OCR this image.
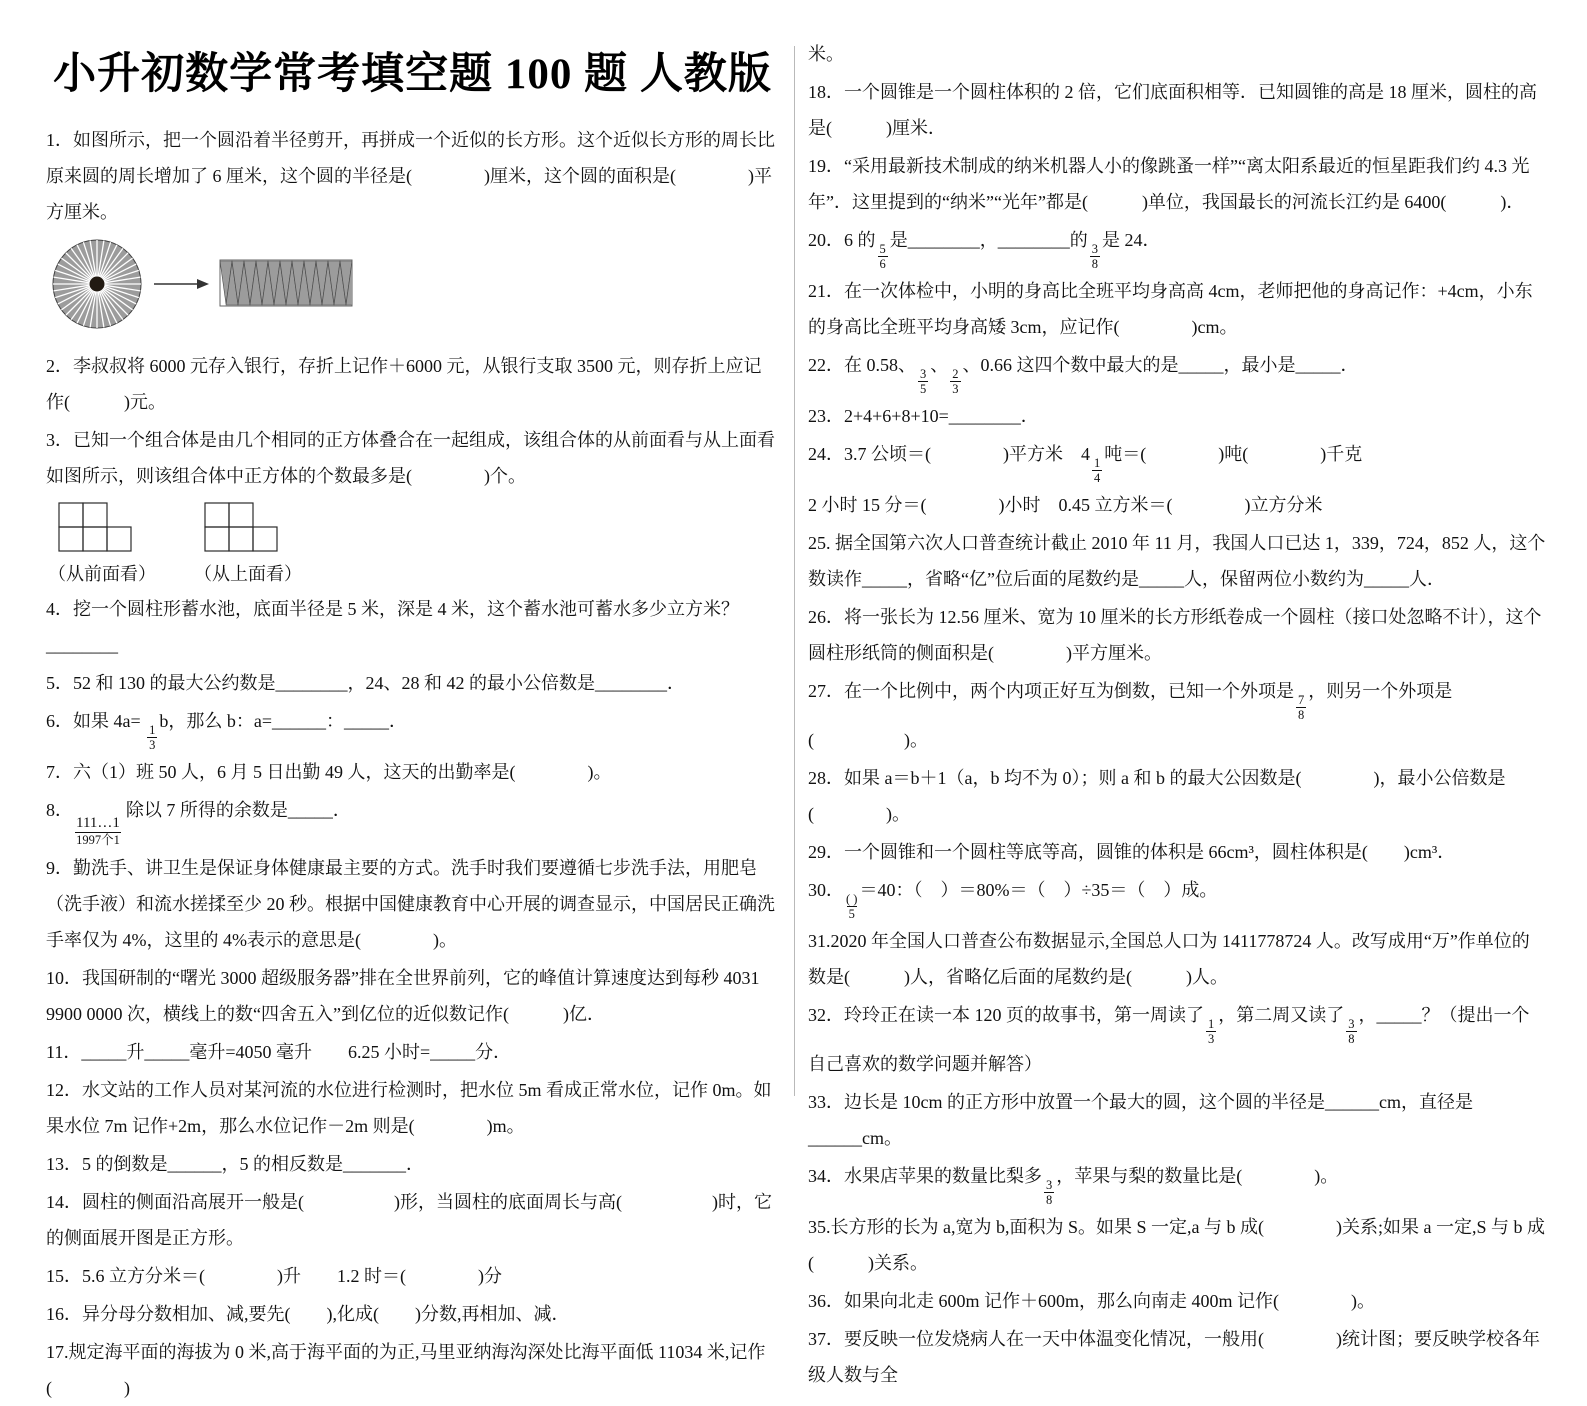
小升初数学常考填空题 100 题 人教版
1．如图所示，把一个圆沿着半径剪开，再拼成一个近似的长方形。这个近似长方形的周长比原来圆的周长增加了 6 厘米，这个圆的半径是(　　　　)厘米，这个圆的面积是(　　　　)平方厘米。
2．李叔叔将 6000 元存入银行，存折上记作＋6000 元，从银行支取 3500 元，则存折上应记作(　　　)元。
3．已知一个组合体是由几个相同的正方体叠合在一起组成，该组合体的从前面看与从上面看如图所示，则该组合体中正方体的个数最多是(　　　　)个。
（从前面看） （从上面看）
4．挖一个圆柱形蓄水池，底面半径是 5 米，深是 4 米，这个蓄水池可蓄水多少立方米？________
5．52 和 130 的最大公约数是________，24、28 和 42 的最小公倍数是________．
6．如果 4a=
$\frac{1}{3}$
b，那么 b：a=______：_____．
7．六（1）班 50 人，6 月 5 日出勤 49 人，这天的出勤率是(　　　　)。
8．
111…1
1997个1
除以 7 所得的余数是_____．
9．勤洗手、讲卫生是保证身体健康最主要的方式。洗手时我们要遵循七步洗手法，用肥皂（洗手液）和流水搓揉至少 20 秒。根据中国健康教育中心开展的调查显示，中国居民正确洗手率仅为 4%，这里的 4%表示的意思是(　　　　)。
10．我国研制的“曙光 3000 超级服务器”排在全世界前列，它的峰值计算速度达到每秒 4031 9900 0000 次，横线上的数“四舍五入”到亿位的近似数记作(　　　)亿．
11．_____升_____毫升=4050 毫升　　6.25 小时=_____分．
12．水文站的工作人员对某河流的水位进行检测时，把水位 5m 看成正常水位，记作 0m。如果水位 7m 记作+2m，那么水位记作－2m 则是(　　　　)m。
13．5 的倒数是______，5 的相反数是_______．
14．圆柱的侧面沿高展开一般是(　　　　　)形，当圆柱的底面周长与高(　　　　　)时，它的侧面展开图是正方形。
15．5.6 立方分米＝(　　　　)升　　1.2 时＝(　　　　)分
16．异分母分数相加、减,要先(　　),化成(　　)分数,再相加、减．
17.规定海平面的海拔为 0 米,高于海平面的为正,马里亚纳海沟深处比海平面低 11034 米,记作(　　　　)
米。
18．一个圆锥是一个圆柱体积的 2 倍，它们底面积相等．已知圆锥的高是 18 厘米，圆柱的高是(　　　)厘米．
19．“采用最新技术制成的纳米机器人小的像跳蚤一样”“离太阳系最近的恒星距我们约 4.3 光年”．这里提到的“纳米”“光年”都是(　　　)单位，我国最长的河流长江约是 6400(　　　)．
20．6 的
$\frac{5}{6}$
是________，________的
$\frac{3}{8}$
是 24．
21．在一次体检中，小明的身高比全班平均身高高 4cm，老师把他的身高记作：+4cm，小东的身高比全班平均身高矮 3cm，应记作(　　　　)cm。
22．在 0.58、
$\frac{3}{5}$
、
$\frac{2}{3}$
、0.66 这四个数中最大的是_____，最小是_____．
23．2+4+6+8+10=________．
24．3.7 公顷＝(　　　　)平方米　4
$\frac{1}{4}$
吨＝(　　　　)吨(　　　　)千克
2 小时 15 分＝(　　　　)小时　0.45 立方米＝(　　　　)立方分米
25. 据全国第六次人口普查统计截止 2010 年 11 月，我国人口已达 1，339，724，852 人，这个数读作_____，省略“亿”位后面的尾数约是_____人，保留两位小数约为_____人．
26．将一张长为 12.56 厘米、宽为 10 厘米的长方形纸卷成一个圆柱（接口处忽略不计），这个圆柱形纸筒的侧面积是(　　　　)平方厘米。
27．在一个比例中，两个内项正好互为倒数，已知一个外项是
$\frac{7}{8}$
，则另一个外项是(　　　　　)。
28．如果 a＝b＋1（a，b 均不为 0）；则 a 和 b 的最大公因数是(　　　　)，最小公倍数是(　　　　)。
29．一个圆锥和一个圆柱等底等高，圆锥的体积是 66cm³，圆柱体积是(　　)cm³．
30．
$\frac{( )}{5}$
＝40：（　）＝80%＝（　）÷35＝（　）成。
31.2020 年全国人口普查公布数据显示,全国总人口为 1411778724 人。改写成用“万”作单位的数是(　　　)人，省略亿后面的尾数约是(　　　)人。
32．玲玲正在读一本 120 页的故事书，第一周读了
$\frac{1}{3}$
，第二周又读了
$\frac{3}{8}$
，_____？（提出一个自己喜欢的数学问题并解答）
33．边长是 10cm 的正方形中放置一个最大的圆，这个圆的半径是______cm，直径是______cm。
34．水果店苹果的数量比梨多
$\frac{3}{8}$
，苹果与梨的数量比是(　　　　)。
35.长方形的长为 a,宽为 b,面积为 S。如果 S 一定,a 与 b 成(　　　　)关系;如果 a 一定,S 与 b 成(　　　)关系。
36．如果向北走 600m 记作＋600m，那么向南走 400m 记作(　　　　)。
37．要反映一位发烧病人在一天中体温变化情况，一般用(　　　　)统计图；要反映学校各年级人数与全
